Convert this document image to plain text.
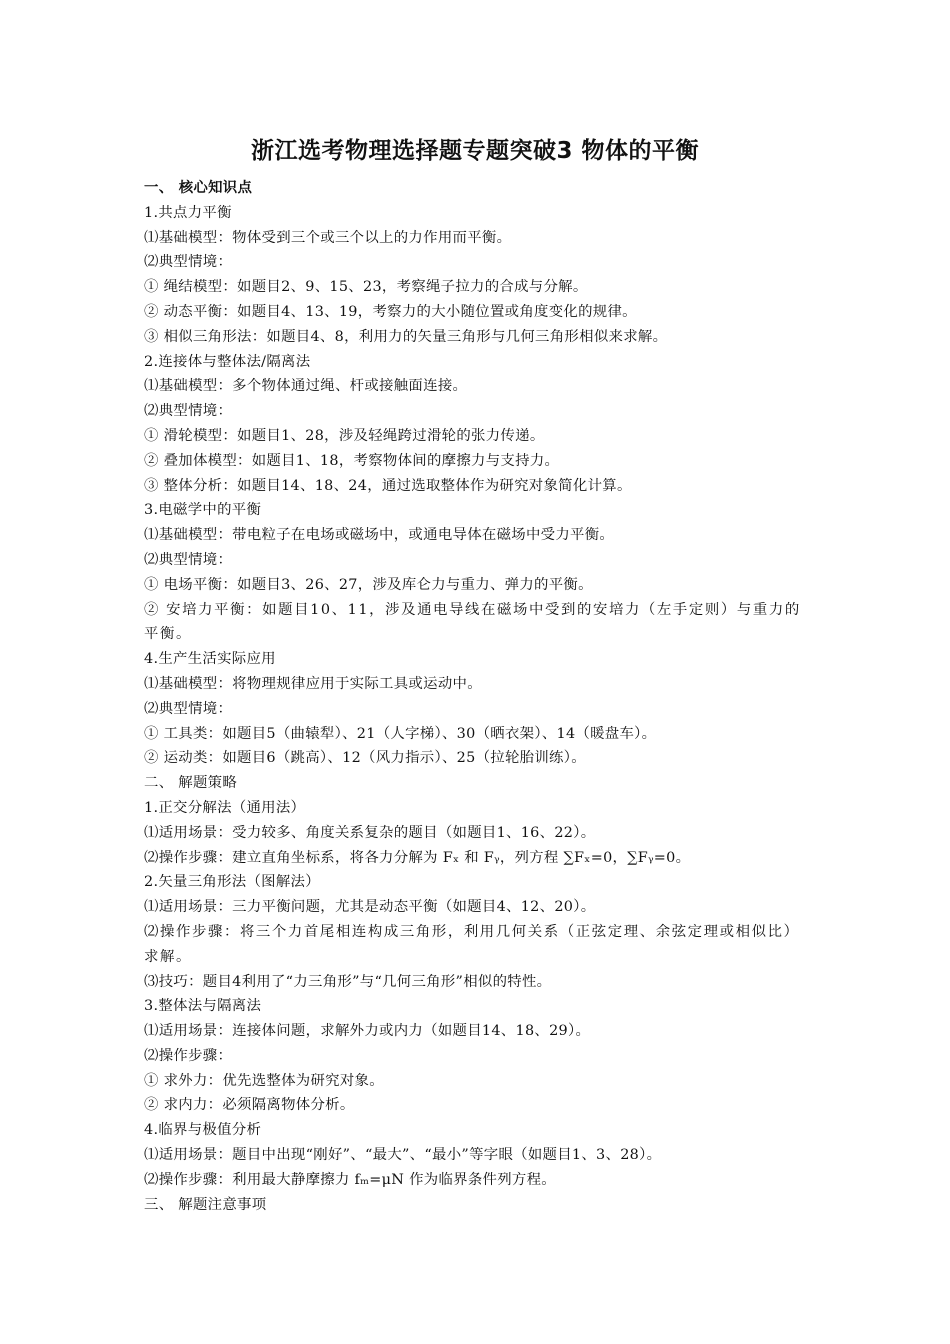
浙江选考物理选择题专题突破3 物体的平衡
一、 核心知识点
1.共点力平衡
⑴基础模型：物体受到三个或三个以上的力作用而平衡。
⑵典型情境：
① 绳结模型：如题目2、9、15、23，考察绳子拉力的合成与分解。
② 动态平衡：如题目4、13、19，考察力的大小随位置或角度变化的规律。
③ 相似三角形法：如题目4、8，利用力的矢量三角形与几何三角形相似来求解。
2.连接体与整体法/隔离法
⑴基础模型：多个物体通过绳、杆或接触面连接。
⑵典型情境：
① 滑轮模型：如题目1、28，涉及轻绳跨过滑轮的张力传递。
② 叠加体模型：如题目1、18，考察物体间的摩擦力与支持力。
③ 整体分析：如题目14、18、24，通过选取整体作为研究对象简化计算。
3.电磁学中的平衡
⑴基础模型：带电粒子在电场或磁场中，或通电导体在磁场中受力平衡。
⑵典型情境：
① 电场平衡：如题目3、26、27，涉及库仑力与重力、弹力的平衡。
② 安培力平衡：如题目10、11，涉及通电导线在磁场中受到的安培力（左手定则）与重力的平衡。
4.生产生活实际应用
⑴基础模型：将物理规律应用于实际工具或运动中。
⑵典型情境：
① 工具类：如题目5（曲辕犁）、21（人字梯）、30（晒衣架）、14（暖盘车）。
② 运动类：如题目6（跳高）、12（风力指示）、25（拉轮胎训练）。
二、 解题策略
1.正交分解法（通用法）
⑴适用场景：受力较多、角度关系复杂的题目（如题目1、16、22）。
⑵操作步骤：建立直角坐标系，将各力分解为 Fₓ 和 Fᵧ，列方程 ∑Fₓ=0，∑Fᵧ=0。
2.矢量三角形法（图解法）
⑴适用场景：三力平衡问题，尤其是动态平衡（如题目4、12、20）。
⑵操作步骤：将三个力首尾相连构成三角形，利用几何关系（正弦定理、余弦定理或相似比）求解。
⑶技巧：题目4利用了“力三角形”与“几何三角形”相似的特性。
3.整体法与隔离法
⑴适用场景：连接体问题，求解外力或内力（如题目14、18、29）。
⑵操作步骤：
① 求外力：优先选整体为研究对象。
② 求内力：必须隔离物体分析。
4.临界与极值分析
⑴适用场景：题目中出现“刚好”、“最大”、“最小”等字眼（如题目1、3、28）。
⑵操作步骤：利用最大静摩擦力 fₘ=μN 作为临界条件列方程。
三、 解题注意事项
